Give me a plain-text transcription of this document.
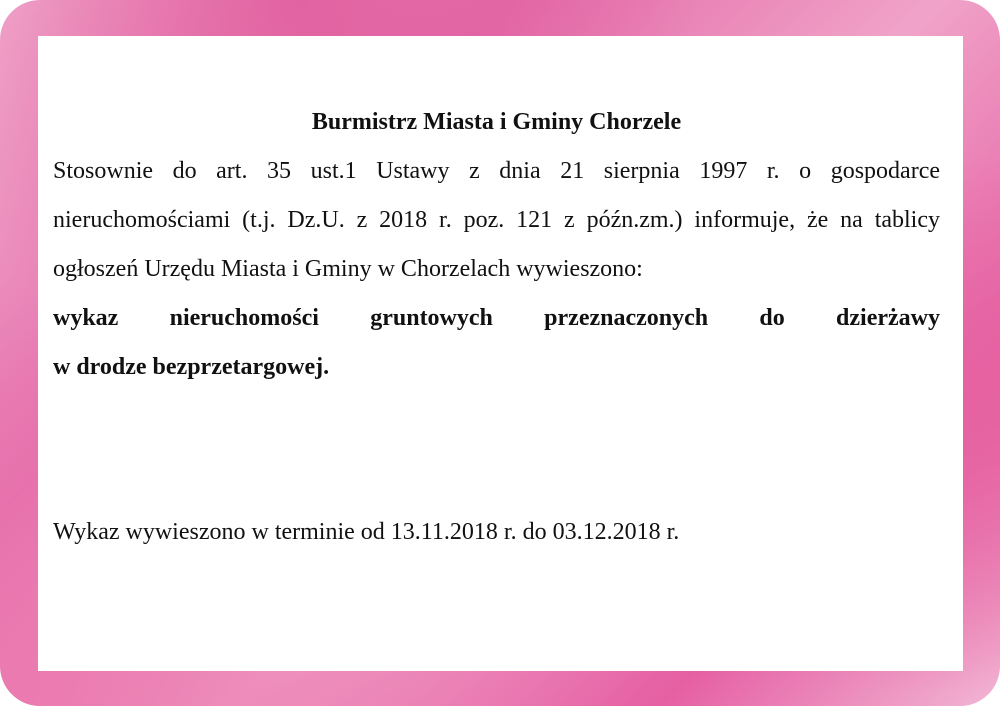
Burmistrz Miasta i Gminy Chorzele

Stosownie do art. 35 ust.1 Ustawy z dnia 21 sierpnia 1997 r. o gospodarce nieruchomościami (t.j. Dz.U. z 2018 r. poz. 121 z późn.zm.) informuje, że na tablicy ogłoszeń Urzędu Miasta i Gminy w Chorzelach wywieszono:

wykaz nieruchomości gruntowych przeznaczonych do dzierżawy
w drodze bezprzetargowej.

Wykaz wywieszono w terminie od 13.11.2018 r. do 03.12.2018 r.
